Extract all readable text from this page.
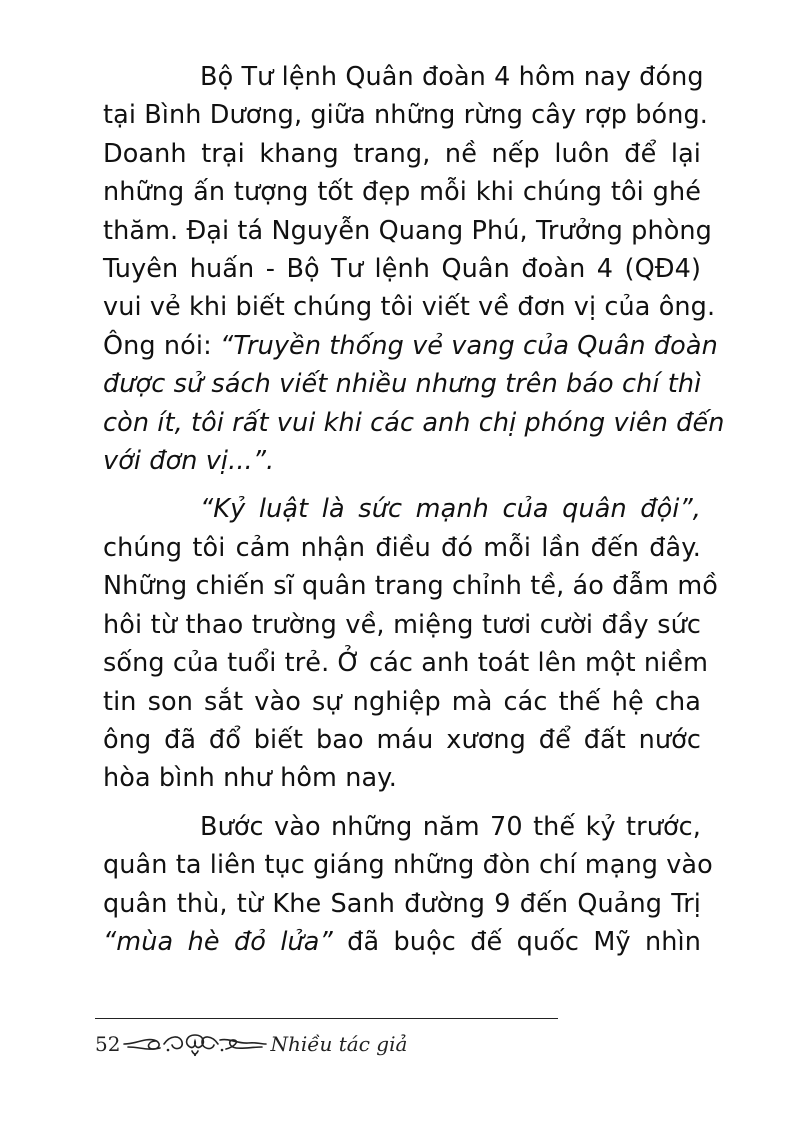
Bộ Tư lệnh Quân đoàn 4 hôm nay đóng
tại Bình Dương, giữa những rừng cây rợp bóng.
Doanh trại khang trang, nề nếp luôn để lại
những ấn tượng tốt đẹp mỗi khi chúng tôi ghé
thăm. Đại tá Nguyễn Quang Phú, Trưởng phòng
Tuyên huấn - Bộ Tư lệnh Quân đoàn 4 (QĐ4)
vui vẻ khi biết chúng tôi viết về đơn vị của ông.
Ông nói: “Truyền thống vẻ vang của Quân đoàn
được sử sách viết nhiều nhưng trên báo chí thì
còn ít, tôi rất vui khi các anh chị phóng viên đến
với đơn vị...”.

“Kỷ luật là sức mạnh của quân đội”,
chúng tôi cảm nhận điều đó mỗi lần đến đây.
Những chiến sĩ quân trang chỉnh tề, áo đẫm mồ
hôi từ thao trường về, miệng tươi cười đầy sức
sống của tuổi trẻ. Ở các anh toát lên một niềm
tin son sắt vào sự nghiệp mà các thế hệ cha
ông đã đổ biết bao máu xương để đất nước
hòa bình như hôm nay.

Bước vào những năm 70 thế kỷ trước,
quân ta liên tục giáng những đòn chí mạng vào
quân thù, từ Khe Sanh đường 9 đến Quảng Trị
“mùa hè đỏ lửa” đã buộc đế quốc Mỹ nhìn

52	Nhiều tác giả
